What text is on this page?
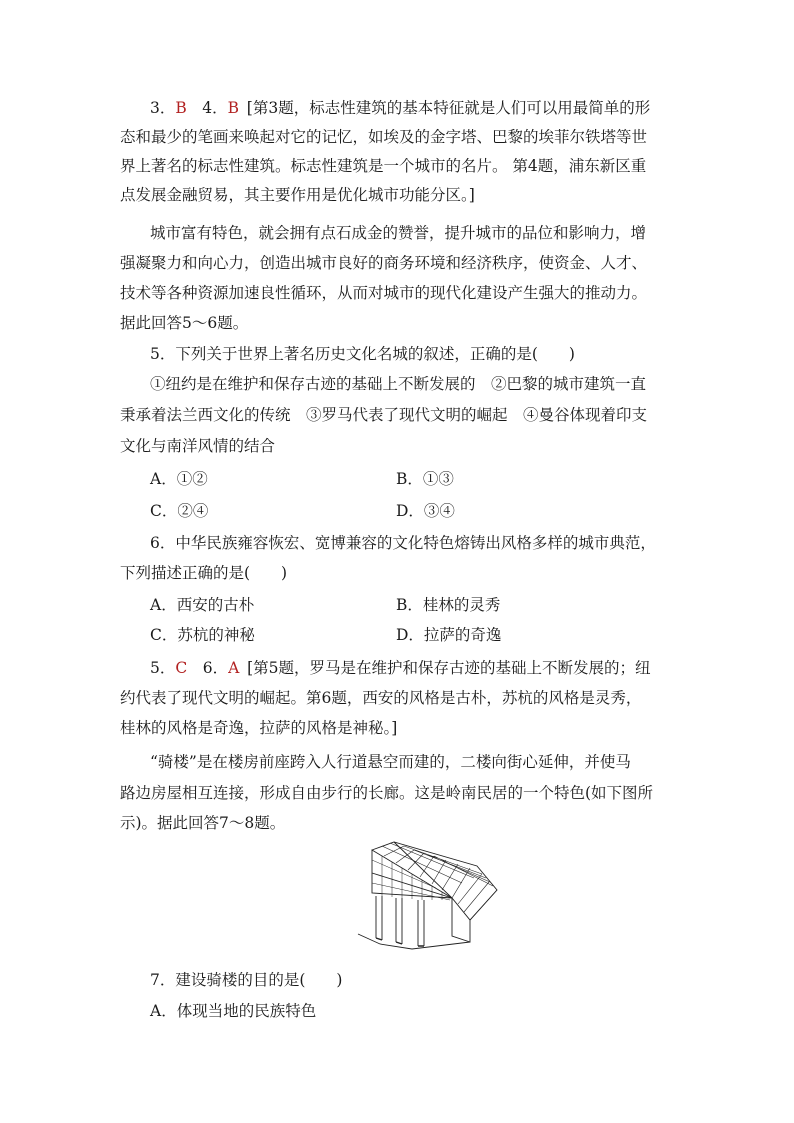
3．B  4．B  [第3题，标志性建筑的基本特征就是人们可以用最简单的形
态和最少的笔画来唤起对它的记忆，如埃及的金字塔、巴黎的埃菲尔铁塔等世
界上著名的标志性建筑。标志性建筑是一个城市的名片。 第4题，浦东新区重
点发展金融贸易，其主要作用是优化城市功能分区。]
城市富有特色，就会拥有点石成金的赞誉，提升城市的品位和影响力，增
强凝聚力和向心力，创造出城市良好的商务环境和经济秩序，使资金、人才、
技术等各种资源加速良性循环，从而对城市的现代化建设产生强大的推动力。
据此回答5～6题。
5．下列关于世界上著名历史文化名城的叙述，正确的是(　　)
①纽约是在维护和保存古迹的基础上不断发展的　②巴黎的城市建筑一直
秉承着法兰西文化的传统　③罗马代表了现代文明的崛起　④曼谷体现着印支
文化与南洋风情的结合
A．①②	B．①③
C．②④	D．③④
6．中华民族雍容恢宏、宽博兼容的文化特色熔铸出风格多样的城市典范，
下列描述正确的是(　　)
A．西安的古朴	B．桂林的灵秀
C．苏杭的神秘	D．拉萨的奇逸
5．C  6．A  [第5题，罗马是在维护和保存古迹的基础上不断发展的；纽
约代表了现代文明的崛起。第6题，西安的风格是古朴，苏杭的风格是灵秀，
桂林的风格是奇逸，拉萨的风格是神秘。]
“骑楼”是在楼房前座跨入人行道悬空而建的，二楼向街心延伸，并使马
路边房屋相互连接，形成自由步行的长廊。这是岭南民居的一个特色(如下图所
示)。据此回答7～8题。
7．建设骑楼的目的是(　　)
A．体现当地的民族特色
